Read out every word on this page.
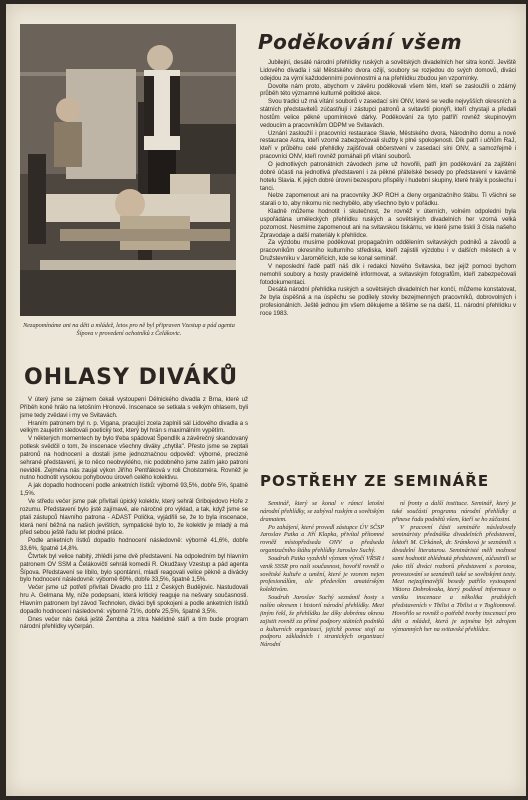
Nezapomínáme ani na děti a mládež, letos pro ně byl připraven Vzestup a pád agenta Šípova v provedení ochotníků z Čelákovic.

Poděkování všem

Jubilejní, desáté národní přehlídky ruských a sovětských divadelních her sitra končí. Jeviště Lidového divadla i sál Městského dvora ožijí, soubory se rozjedou do svých domovů, diváci odejdou za výmí každodenními povinnostmi a na přehlídku zbudou jen vzpomínky.

Dovolte nám proto, abychom v závěru poděkovali všem těm, kteří se zasloužili o zdárný průběh této významné kulturně politické akce.

Svou tradici už má vítání souborů v zasedací síni ONV, které se vedle nejvyšších okresních a státních představitelů zúčastňují i zástupci patronů a svitavští pionýři, kteří chystají a předali hostům velice pěkné upomínkové dárky. Poděkování za tyto patříří rovněž skupinovým vedoucím a pracovníkům ODPM ve Svitavách.

Uznání zasloužíí i pracovníci restaurace Slavie, Městského dvora, Národního domu a nové restaurace Astra, kteří vzorně zabezpečovali služby k plné spokojenosti. Dík patří i učňům RaJ, kteří v průběhu celé přehlídky zajišťovali občerstvení v zasedací síni ONV, a samozřejmě i pracovníci ONV, kteří rovněž pomáhali při vítání souborů.

O jednotlivých patronátních závodech jsme už hovořili, patří jim poděkování za zajištění dobré účasti na jednotlivá představení i za pěkné přátelské besedy po představení v kavárně hotelu Slavia. K jejich dobré úrovni bezesporu přispěly i hudební skupiny, které hrály k poslechu i tanci.

Nelze zapomenout ani na pracovníky JKP ROH a členy organizačního štábu. Ti všichni se starali o to, aby nikomu nic nechybělo, aby všechno bylo v pořádku.

Kladně můžeme hodnotit i skutečnost, že rovněž v úterních, volném odpoledni byla uspořádána uměleckých přehlídku ruských a sovětských divadelních her vzorná velká pozornost. Nesmíme zapomenout ani na svitavskou tiskárnu, ve které jsme tiskli 3 čísla našeho Zpravodaje a další materiály k přehlídce.

Za výzdobu musíme poděkovat propagačním oddělením svitavských podniků a závodů a pracovníkům okresního kulturního střediska, kteří zajistili výzdobu i v dalších městech a v Družstevníku v Jaroměřicích, kde se konal seminář.

V neposlední řadě patří náš dík i redakci Nového Svitavska, bez jejíž pomoci bychom nemohli soubory a hosty pravidelně informovat, a svitavským fotografům, kteří zabezpečovali fotodokumentaci.

Desátá národní přehlídka ruských a sovětských divadelních her končí, můžeme konstatovat, že byla úspěšná a na úspěchu se podílely stovky bezejmenných pracovníků, dobrovolných i profesionálních. Ještě jednou jim všem děkujeme a těšíme se na další, 11. národní přehlídku v roce 1983.

OHLASY DIVÁKŮ

V úterý jsme se zájmem čekali vystoupení Dělnického divadla z Brna, které už Příběh koně hrálo na letošním Hronově. Inscenace se setkala s velkým ohlasem, byli jsme tedy zvědavi i my ve Svitavách.

Hraním patronem byl n. p. Vigana, pracující zcela zaplnili sál Lidového divadla a s velkým zaujetím sledovali poetický text, který byl hrán s maximálním vypětím.

V některých momentech by bylo třeba spádovat Špendlík a závěrečný skandovaný potlesk svědčil o tom, že inscenace všechny diváky „chytila". Přesto jsme se zeptali patronů na hodnocení a dostali jsme jednoznačnou odpověď: výborné, precizně sehrané představení, je to něco neobvyklého, nic podobného jsme zatím jako patroni neviděli. Zejména nás zaujal výkon Jiřího Pentřáková v roli Cholstoméra. Rovněž je nutno hodnotit vysokou pohybovou úroveň celého kolektivu.

A jak dopadlo hodnocení podle anketních lístků: výborně 93,5%, dobře 5%, špatně 1,5%.

Ve středu večer jsme pak přivítali úpický kolektiv, který sehrál Gribojedovo Hoře z rozumu. Představení bylo jistě zajímavé, ale náročné pro výklad, a tak, když jsme se ptali zástupců hlavního patrona - ADAST Polička, vyjádřili se, že to byla inscenace, která není běžná na našich jevištích, sympatické bylo to, že kolektiv je mladý a má před sebou ještě řadu let plodné práce.

Podle anketních lístků dopadlo hodnocení následovně: výborně 41,6%, dobře 33,6%, špatně 14,8%.

Čtvrtek byl velice nabitý, zhlédli jsme dvě představení. Na odpoledním byl hlavním patronem OV SSM a Čelákovičtí sehráli komedii R. Okudžavy Vzestup a pád agenta Šípova. Představení se líbilo, bylo spontánní, mladí reagovali velice pěkně a divácky bylo hodnocení následovně: výborně 69%, dobře 33,5%, špatně 1,5%.

Večer jsme už potřetí přivítali Divadlo pro 111 z Českých Budějovic. Nastudovali hru A. Gelmana My, níže podepsaní, která kritický reaguje na nešvary současnosti. Hlavním patronem byl závod Technolen, diváci byli spokojeni a podle anketních lístků dopadlo hodnocení následovně: výborně 71%, dobře 25,5%, špatně 3,5%.

Dnes večer nás čeká ještě Žembha a zítra Neklidné stáří a tím bude program národní přehlídky vyčerpán.

POSTŘEHY ZE SEMINÁŘE

Seminář, který se konal v rámci letošní národní přehlídky, se zabýval ruským a sovětským dramatem.

Po zahájení, které provedl zástupce ÚV SČSP Jaroslav Patka a Jiří Klapka, přivítal přítomné rovněž místopředseda ONV a předseda organizačního štábu přehlídky Jaroslav Suchý.

Soudruh Patka vyzdvihl význam výročí VŘSR i vznik SSSR pro naši současnost, hovořil rovněž o sovětské kultuře a umění, které je vzorem nejen profesionálům, ale především amatérským kolektivům.

Soudruh Jaroslav Suchý seznámil hosty s naším okresem i historií národní přehlídky. Mezi jiným řekl, že přehlídku lze díky dobrému okresu zajistit rovněž za přímé podpory státních podniků a kulturních organizací, jejichž pomoc stojí za podporu základních i stranických organizací Národní

ní fronty a další instituce. Seminář, který je také součástí programu národní přehlídky a přinese řadu podnětů všem, kteří se ho zúčastní.

V pracovní části semináře následovaly semináristy přednáška divadelních představení, lektoři M. Církánek, dr. Srámková je seznámili s divadelní literaturou. Semináristé měli možnost sami hodnotit zhlédnutá představení, zúčastnili se jako tiší diváci rozborů představení s porotou, provozování se seznámili také se sovětskými texty. Mezi nejzajímavější besedy patřilo vystoupení Viktora Dobrokvaka, který podával informace o vzniku inscenace a několika pražských představeních v Tbilisi a Tbilisi a v Toglionnově. Hovořilo se rovněž o potřebě tvorby inscenací pro děti a mládež, která je zejména být zdrojem významných her na svitavské přehlídce.
